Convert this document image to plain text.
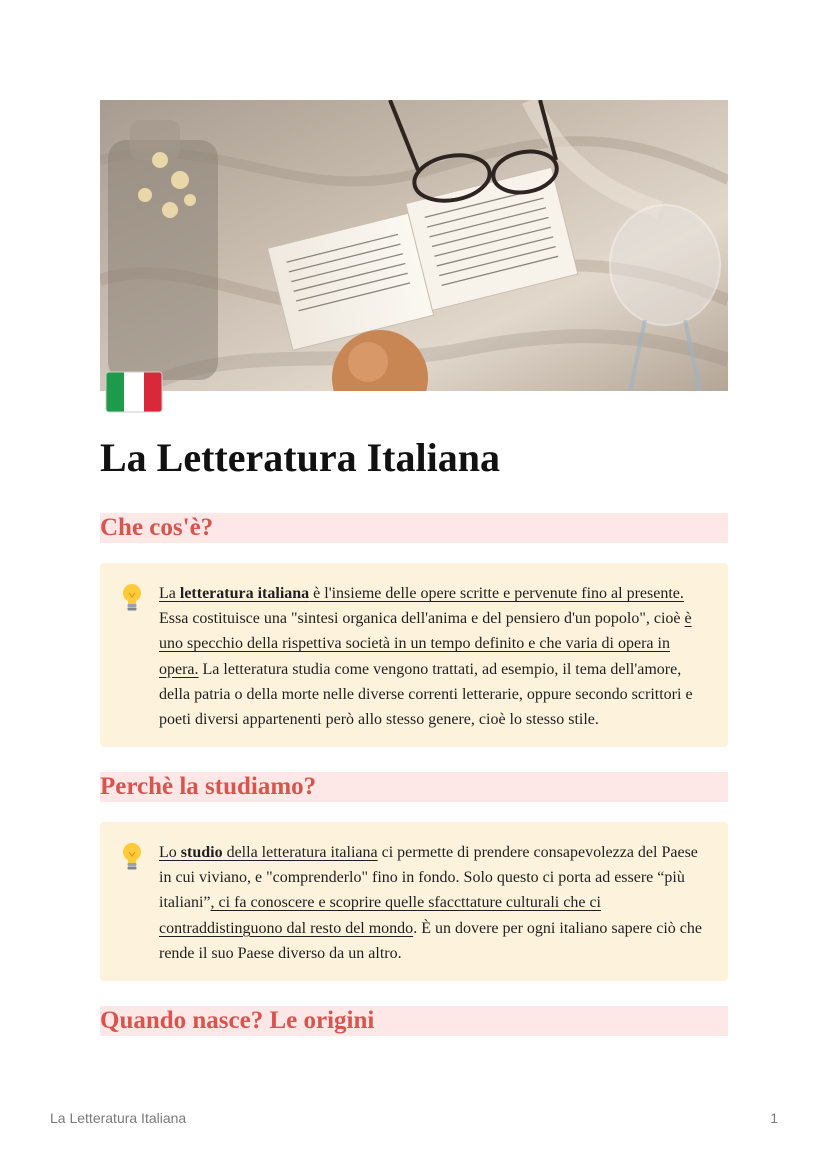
La Letteratura Italiana
Che cos'è?

La letteratura italiana è l'insieme delle opere scritte e pervenute fino al presente. Essa costituisce una "sintesi organica dell'anima e del pensiero d'un popolo", cioè è uno specchio della rispettiva società in un tempo definito e che varia di opera in opera. La letteratura studia come vengono trattati, ad esempio, il tema dell'amore, della patria o della morte nelle diverse correnti letterarie, oppure secondo scrittori e poeti diversi appartenenti però allo stesso genere, cioè lo stesso stile.

Perchè la studiamo?

Lo studio della letteratura italiana ci permette di prendere consapevolezza del Paese in cui viviano, e "comprenderlo" fino in fondo. Solo questo ci porta ad essere “più italiani”, ci fa conoscere e scoprire quelle sfaccttature culturali che ci contraddistinguono dal resto del mondo. È un dovere per ogni italiano sapere ciò che rende il suo Paese diverso da un altro.

Quando nasce? Le origini
La Letteratura Italiana	1
